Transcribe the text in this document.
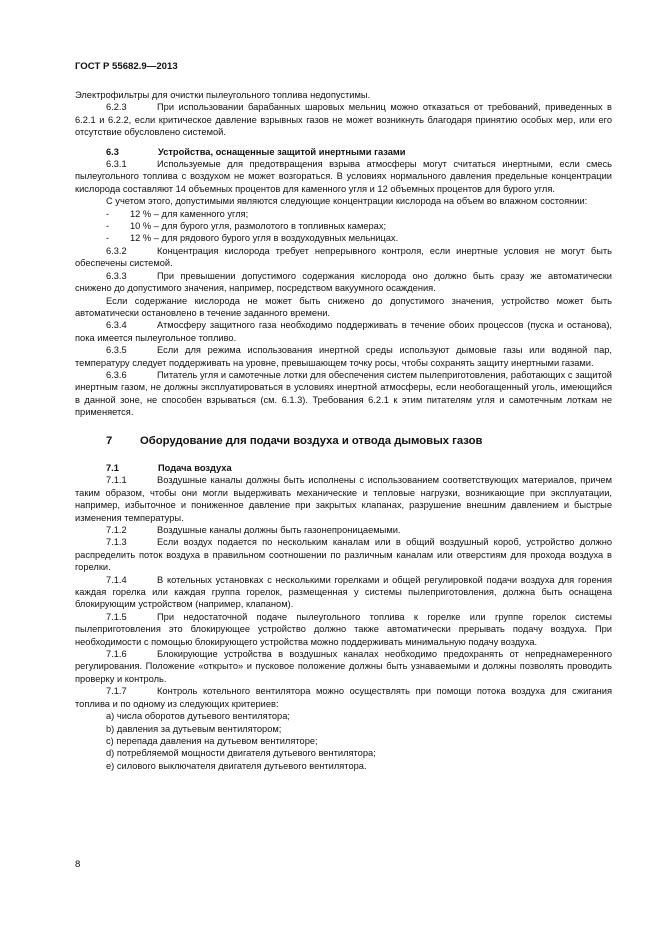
ГОСТ Р 55682.9—2013

Электрофильтры для очистки пылеугольного топлива недопустимы.

6.2.3	При использовании барабанных шаровых мельниц можно отказаться от требований, приведенных в 6.2.1 и 6.2.2, если критическое давление взрывных газов не может возникнуть благодаря принятию особых мер, или его отсутствие обусловлено системой.

6.3	Устройства, оснащенные защитой инертными газами

6.3.1	Используемые для предотвращения взрыва атмосферы могут считаться инертными, если смесь пылеугольного топлива с воздухом не может возгораться. В условиях нормального давления предельные концентрации кислорода составляют 14 объемных процентов для каменного угля и 12 объемных процентов для бурого угля.

С учетом этого, допустимыми являются следующие концентрации кислорода на объем во влажном состоянии:

- 12 % – для каменного угля;

- 10 % – для бурого угля, размолотого в топливных камерах;

- 12 % – для рядового бурого угля в воздуходувных мельницах.

6.3.2	Концентрация кислорода требует непрерывного контроля, если инертные условия не могут быть обеспечены системой.

6.3.3	При превышении допустимого содержания кислорода оно должно быть сразу же автоматически снижено до допустимого значения, например, посредством вакуумного осаждения.

Если содержание кислорода не может быть снижено до допустимого значения, устройство может быть автоматически остановлено в течение заданного времени.

6.3.4	Атмосферу защитного газа необходимо поддерживать в течение обоих процессов (пуска и останова), пока имеется пылеугольное топливо.

6.3.5	Если для режима использования инертной среды используют дымовые газы или водяной пар, температуру следует поддерживать на уровне, превышающем точку росы, чтобы сохранять защиту инертными газами.

6.3.6	Питатель угля и самотечные лотки для обеспечения систем пылеприготовления, работающих с защитой инертным газом, не должны эксплуатироваться в условиях инертной атмосферы, если необогащенный уголь, имеющийся в данной зоне, не способен взрываться (см. 6.1.3). Требования 6.2.1 к этим питателям угля и самотечным лоткам не применяется.

7 Оборудование для подачи воздуха и отвода дымовых газов

7.1	Подача воздуха

7.1.1	Воздушные каналы должны быть исполнены с использованием соответствующих материалов, причем таким образом, чтобы они могли выдерживать механические и тепловые нагрузки, возникающие при эксплуатации, например, избыточное и пониженное давление при закрытых клапанах, разрушение внешним давлением и быстрые изменения температуры.

7.1.2	Воздушные каналы должны быть газонепроницаемыми.

7.1.3	Если воздух подается по нескольким каналам или в общий воздушный короб, устройство должно распределить поток воздуха в правильном соотношении по различным каналам или отверстиям для прохода воздуха в горелки.

7.1.4	В котельных установках с несколькими горелками и общей регулировкой подачи воздуха для горения каждая горелка или каждая группа горелок, размещенная у системы пылеприготовления, должна быть оснащена блокирующим устройством (например, клапаном).

7.1.5	При недостаточной подаче пылеугольного топлива к горелке или группе горелок системы пылеприготовления это блокирующее устройство должно также автоматически прерывать подачу воздуха. При необходимости с помощью блокирующего устройства можно поддерживать минимальную подачу воздуха.

7.1.6	Блокирующие устройства в воздушных каналах необходимо предохранять от непреднамеренного регулирования. Положение «открыто» и пусковое положение должны быть узнаваемыми и должны позволять проводить проверку и контроль.

7.1.7	Контроль котельного вентилятора можно осуществлять при помощи потока воздуха для сжигания топлива и по одному из следующих критериев:

a) числа оборотов дутьевого вентилятора;

b) давления за дутьевым вентилятором;

c) перепада давления на дутьевом вентиляторе;

d) потребляемой мощности двигателя дутьевого вентилятора;

e) силового выключателя двигателя дутьевого вентилятора.

8
